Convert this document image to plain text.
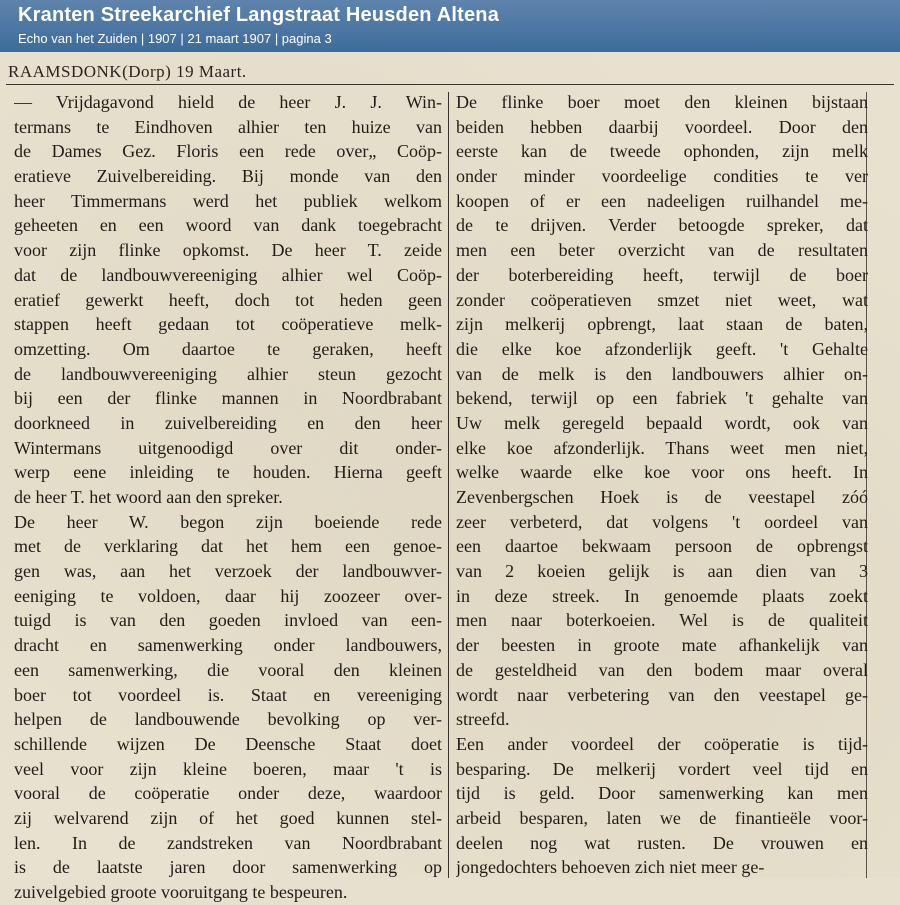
Kranten Streekarchief Langstraat Heusden Altena
Echo van het Zuiden | 1907 | 21 maart 1907 | pagina 3
RAAMSDONK(Dorp) 19 Maart.
— Vrijdagavond hield de heer J. J. Win-
termans te Eindhoven alhier ten huize van
de Dames Gez. Floris een rede over„ Coöp-
eratieve Zuivelbereiding. Bij monde van den
heer Timmermans werd het publiek welkom
geheeten en een woord van dank toegebracht
voor zijn flinke opkomst. De heer T. zeide
dat de landbouwvereeniging alhier wel Coöp-
eratief gewerkt heeft, doch tot heden geen
stappen heeft gedaan tot coöperatieve melk-
omzetting. Om daartoe te geraken, heeft
de landbouwvereeniging alhier steun gezocht
bij een der flinke mannen in Noordbrabant
doorkneed in zuivelbereiding en den heer
Wintermans uitgenoodigd over dit onder-
werp eene inleiding te houden. Hierna geeft
de heer T. het woord aan den spreker.
De heer W. begon zijn boeiende rede
met de verklaring dat het hem een genoe-
gen was, aan het verzoek der landbouwver-
eeniging te voldoen, daar hij zoozeer over-
tuigd is van den goeden invloed van een-
dracht en samenwerking onder landbouwers,
een samenwerking, die vooral den kleinen
boer tot voordeel is. Staat en vereeniging
helpen de landbouwende bevolking op ver-
schillende wijzen De Deensche Staat doet
veel voor zijn kleine boeren, maar 't is
vooral de coöperatie onder deze, waardoor
zij welvarend zijn of het goed kunnen stel-
len. In de zandstreken van Noordbrabant
is de laatste jaren door samenwerking op
zuivelgebied groote vooruitgang te bespeuren.
De flinke boer moet den kleinen bijstaan
beiden hebben daarbij voordeel. Door den
eerste kan de tweede ophonden, zijn melk
onder minder voordeelige condities te ver
koopen of er een nadeeligen ruilhandel me-
de te drijven. Verder betoogde spreker, dat
men een beter overzicht van de resultaten
der boterbereiding heeft, terwijl de boer
zonder coöperatieven smzet niet weet, wat
zijn melkerij opbrengt, laat staan de baten,
die elke koe afzonderlijk geeft. 't Gehalte
van de melk is den landbouwers alhier on-
bekend, terwijl op een fabriek 't gehalte van
Uw melk geregeld bepaald wordt, ook van
elke koe afzonderlijk. Thans weet men niet,
welke waarde elke koe voor ons heeft. In
Zevenbergschen Hoek is de veestapel zóó
zeer verbeterd, dat volgens 't oordeel van
een daartoe bekwaam persoon de opbrengst
van 2 koeien gelijk is aan dien van 3
in deze streek. In genoemde plaats zoekt
men naar boterkoeien. Wel is de qualiteit
der beesten in groote mate afhankelijk van
de gesteldheid van den bodem maar overal
wordt naar verbetering van den veestapel ge-
streefd.
Een ander voordeel der coöperatie is tijd-
besparing. De melkerij vordert veel tijd en
tijd is geld. Door samenwerking kan men
arbeid besparen, laten we de finantieële voor-
deelen nog wat rusten. De vrouwen en
jongedochters behoeven zich niet meer ge-
